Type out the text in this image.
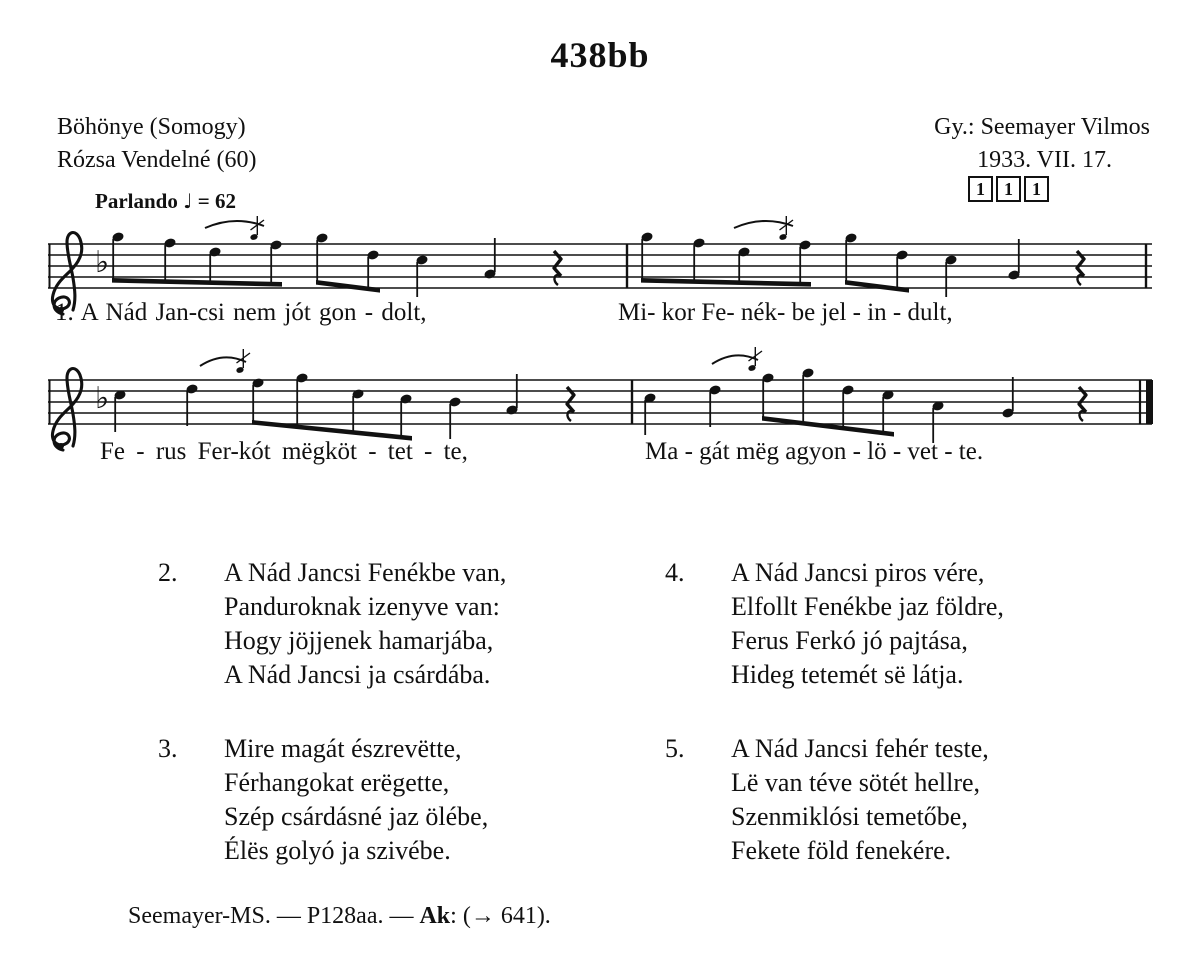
438bb
Böhönye (Somogy)
Rózsa Vendelné (60)
Gy.: Seemayer Vilmos
1933. VII. 17.
1	1	1
Parlando ♩ = 62
♭
♭
1. A Nád Jan-csi nem jót gon - dolt,	Mi- kor Fe- nék- be jel - in - dult,
Fe - rus Fer-kót mëgköt - tet - te,	Ma - gát mëg agyon - lö - vet - te.
2.	A Nád Jancsi Fenékbe van,
Panduroknak izenyve van:
Hogy jöjjenek hamarjába,
A Nád Jancsi ja csárdába.
3.	Mire magát észrevëtte,
Férhangokat erëgette,
Szép csárdásné jaz ölébe,
Élës golyó ja szivébe.
4.	A Nád Jancsi piros vére,
Elfollt Fenékbe jaz földre,
Ferus Ferkó jó pajtása,
Hideg tetemét së látja.
5.	A Nád Jancsi fehér teste,
Lë van téve sötét hellre,
Szenmiklósi temetőbe,
Fekete föld fenekére.
Seemayer-MS. — P128aa. — Ak: (→ 641).
